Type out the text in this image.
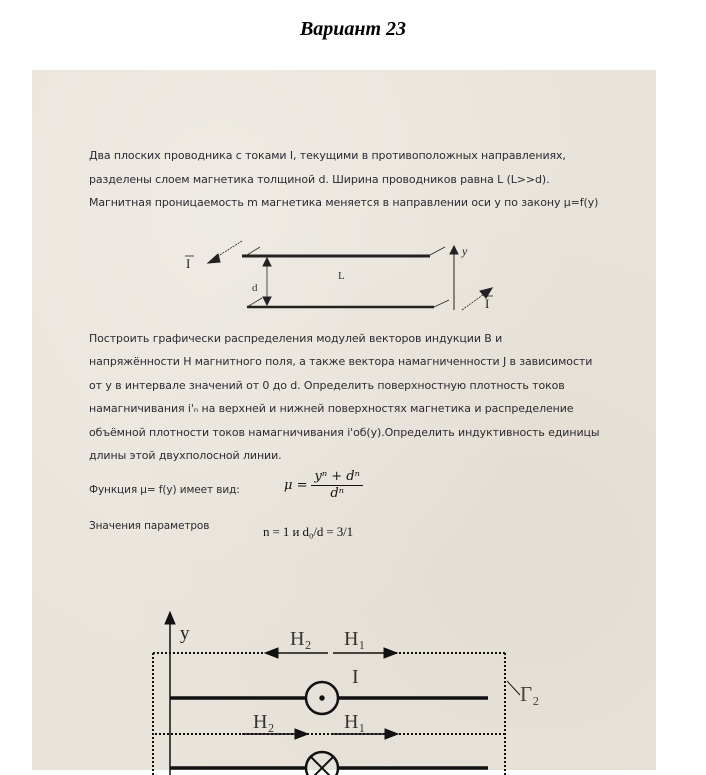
Вариант 23
Два плоских проводника с токами I, текущими в противоположных направлениях,
разделены слоем магнетика толщиной d. Ширина проводников равна L (L>>d).
Магнитная проницаемость m магнетика меняется в направлении оси y по закону μ=f(y)
I
L
d
y
I
Построить графически распределения модулей векторов индукции B и
напряжённости H магнитного поля, а также вектора намагниченности J в зависимости
от y в интервале значений от 0 до d. Определить поверхностную плотность токов
намагничивания i'ₙ на верхней и нижней поверхностях магнетика и распределение
объёмной плотности токов намагничивания i'об(y).Определить индуктивность единицы
длины этой двухполосной линии.
Функция μ= f(y) имеет вид:	$\mu = \frac{\text{yⁿ + dⁿ}}{\text{dⁿ}}$
Значения параметров	n = 1 и d₀/d = 3/1
y	H₂ H₁
I
H₂	H₁
Γ₂
